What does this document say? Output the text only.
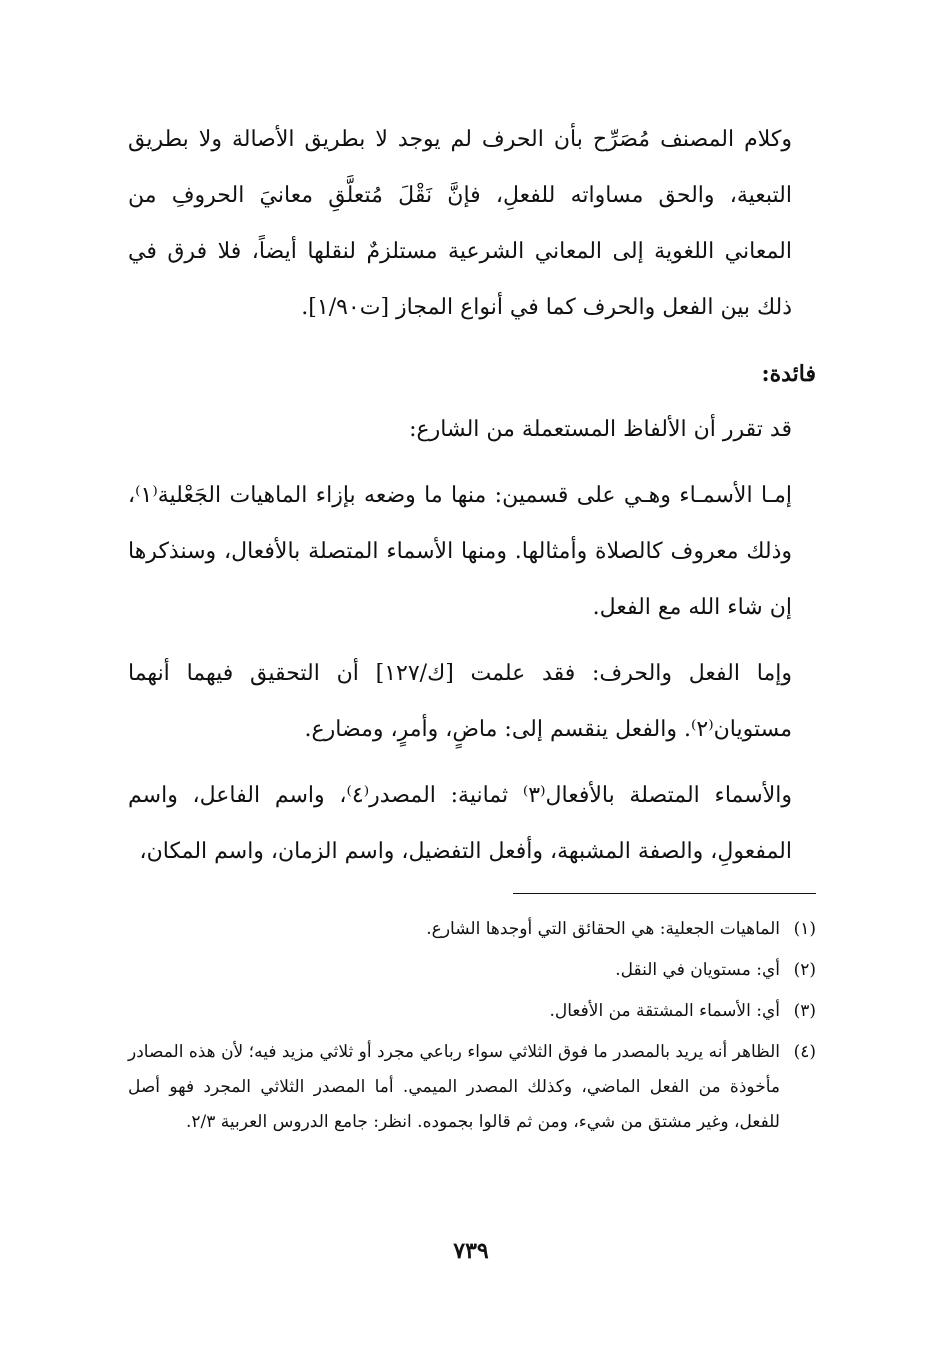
وكلام المصنف مُصَرِّح بأن الحرف لم يوجد لا بطريق الأصالة ولا بطريق التبعية، والحق مساواته للفعلِ، فإنَّ نَقْلَ مُتعلَّقِ معانيَ الحروفِ من المعاني اللغوية إلى المعاني الشرعية مستلزمٌ لنقلها أيضاً، فلا فرق في ذلك بين الفعل والحرف كما في أنواع المجاز [ت١/٩٠].

فائدة:

قد تقرر أن الألفاظ المستعملة من الشارع:

إمـا الأسمـاء وهـي على قسمين: منها ما وضعه بإزاء الماهيات الجَعْلية⁽١⁾، وذلك معروف كالصلاة وأمثالها. ومنها الأسماء المتصلة بالأفعال، وسنذكرها إن شاء الله مع الفعل.

وإما الفعل والحرف: فقد علمت [ك/١٢٧] أن التحقيق فيهما أنهما مستويان⁽٢⁾. والفعل ينقسم إلى: ماضٍ، وأمرٍ، ومضارع.

والأسماء المتصلة بالأفعال⁽٣⁾ ثمانية: المصدر⁽٤⁾، واسم الفاعل، واسم المفعولِ، والصفة المشبهة، وأفعل التفضيل، واسم الزمان، واسم المكان،

(١)
الماهيات الجعلية: هي الحقائق التي أوجدها الشارع.
(٢)
أي: مستويان في النقل.
(٣)
أي: الأسماء المشتقة من الأفعال.
(٤)
الظاهر أنه يريد بالمصدر ما فوق الثلاثي سواء رباعي مجرد أو ثلاثي مزيد فيه؛ لأن هذه المصادر مأخوذة من الفعل الماضي، وكذلك المصدر الميمي. أما المصدر الثلاثي المجرد فهو أصل للفعل، وغير مشتق من شيء، ومن ثم قالوا بجموده. انظر: جامع الدروس العربية ٢/٣.
٧٣٩
